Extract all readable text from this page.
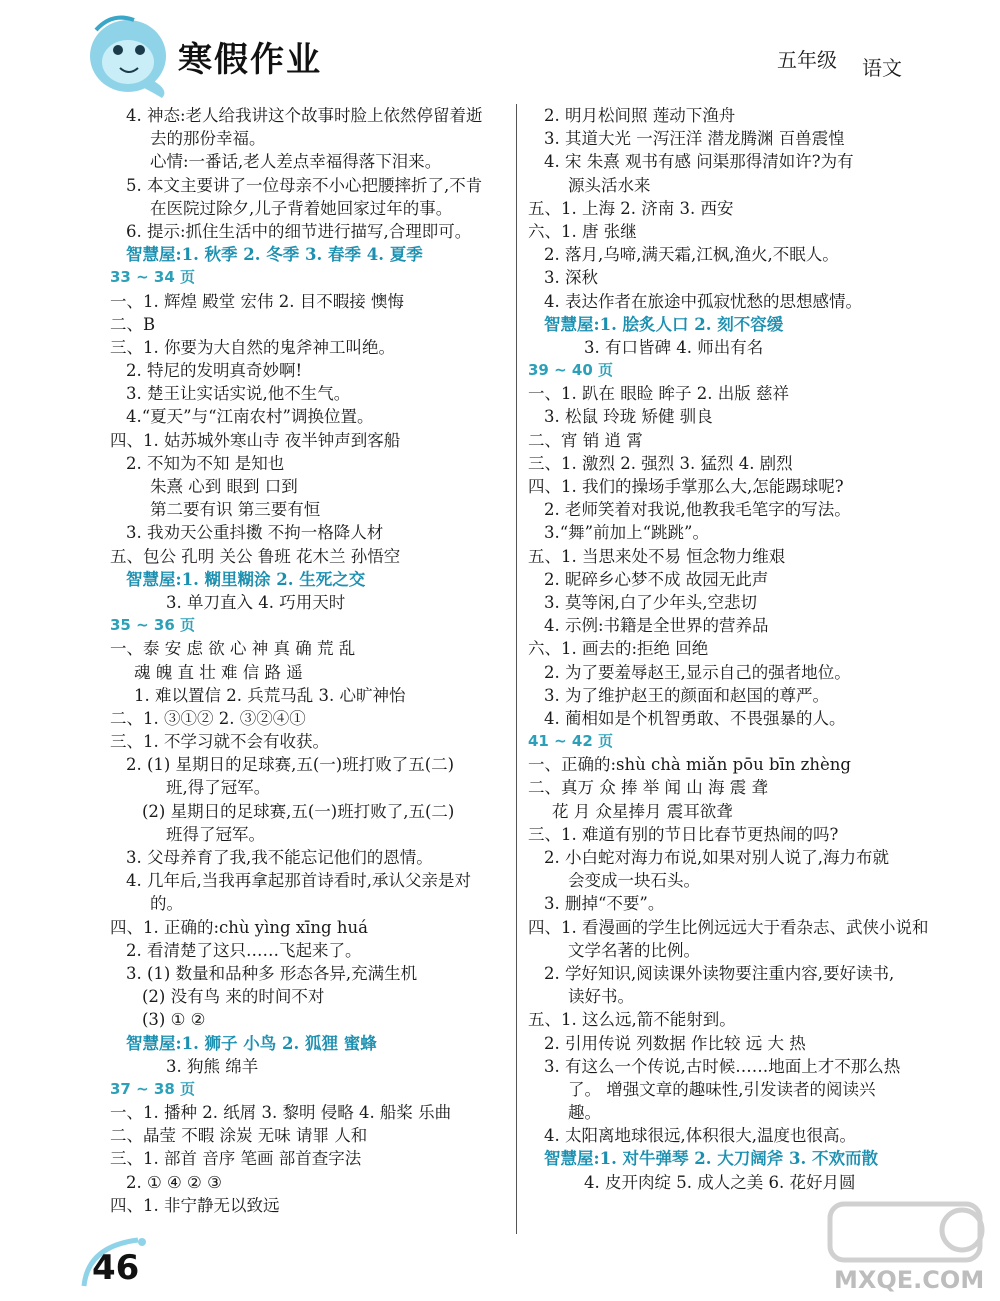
寒假作业	五年级 语文
4. 神态:老人给我讲这个故事时脸上依然停留着逝
去的那份幸福。
心情:一番话,老人差点幸福得落下泪来。
5. 本文主要讲了一位母亲不小心把腰摔折了,不肯
在医院过除夕,儿子背着她回家过年的事。
6. 提示:抓住生活中的细节进行描写,合理即可。
智慧屋:1. 秋季 2. 冬季 3. 春季 4. 夏季
33 ~ 34 页
一、1. 辉煌 殿堂 宏伟 2. 目不暇接 懊悔
二、B
三、1. 你要为大自然的鬼斧神工叫绝。
2. 特尼的发明真奇妙啊!
3. 楚王让实话实说,他不生气。
4.“夏天”与“江南农村”调换位置。
四、1. 姑苏城外寒山寺 夜半钟声到客船
2. 不知为不知 是知也
朱熹 心到 眼到 口到
第二要有识 第三要有恒
3. 我劝天公重抖擞 不拘一格降人材
五、包公 孔明 关公 鲁班 花木兰 孙悟空
智慧屋:1. 糊里糊涂 2. 生死之交
3. 单刀直入 4. 巧用天时
35 ~ 36 页
一、泰 安 虑 欲 心 神 真 确 荒 乱
魂 魄 直 壮 难 信 路 遥
1. 难以置信 2. 兵荒马乱 3. 心旷神怡
二、1. ③①② 2. ③②④①
三、1. 不学习就不会有收获。
2. (1) 星期日的足球赛,五(一)班打败了五(二)
班,得了冠军。
(2) 星期日的足球赛,五(一)班打败了,五(二)
班得了冠军。
3. 父母养育了我,我不能忘记他们的恩情。
4. 几年后,当我再拿起那首诗看时,承认父亲是对
的。
四、1. 正确的:chù yìng xīng huá
2. 看清楚了这只……飞起来了。
3. (1) 数量和品种多 形态各异,充满生机
(2) 没有鸟 来的时间不对
(3) ① ②
智慧屋:1. 狮子 小鸟 2. 狐狸 蜜蜂
3. 狗熊 绵羊
37 ~ 38 页
一、1. 播种 2. 纸屑 3. 黎明 侵略 4. 船桨 乐曲
二、晶莹 不暇 涂炭 无味 请罪 人和
三、1. 部首 音序 笔画 部首查字法
2. ① ④ ② ③
四、1. 非宁静无以致远
2. 明月松间照 莲动下渔舟
3. 其道大光 一泻汪洋 潜龙腾渊 百兽震惶
4. 宋 朱熹 观书有感 问渠那得清如许?为有
源头活水来
五、1. 上海 2. 济南 3. 西安
六、1. 唐 张继
2. 落月,乌啼,满天霜,江枫,渔火,不眠人。
3. 深秋
4. 表达作者在旅途中孤寂忧愁的思想感情。
智慧屋:1. 脍炙人口 2. 刻不容缓
3. 有口皆碑 4. 师出有名
39 ~ 40 页
一、1. 趴在 眼睑 眸子 2. 出版 慈祥
3. 松鼠 玲珑 矫健 驯良
二、宵 销 逍 霄
三、1. 激烈 2. 强烈 3. 猛烈 4. 剧烈
四、1. 我们的操场手掌那么大,怎能踢球呢?
2. 老师笑着对我说,他教我毛笔字的写法。
3.“舞”前加上“跳跳”。
五、1. 当思来处不易 恒念物力维艰
2. 昵碎乡心梦不成 故园无此声
3. 莫等闲,白了少年头,空悲切
4. 示例:书籍是全世界的营养品
六、1. 画去的:拒绝 回绝
2. 为了要羞辱赵王,显示自己的强者地位。
3. 为了维护赵王的颜面和赵国的尊严。
4. 蔺相如是个机智勇敢、不畏强暴的人。
41 ~ 42 页
一、正确的:shù chà miǎn pōu bīn zhèng
二、真万 众 捧 举 闻 山 海 震 聋
花 月 众星捧月 震耳欲聋
三、1. 难道有别的节日比春节更热闹的吗?
2. 小白蛇对海力布说,如果对别人说了,海力布就
会变成一块石头。
3. 删掉“不要”。
四、1. 看漫画的学生比例远远大于看杂志、武侠小说和
文学名著的比例。
2. 学好知识,阅读课外读物要注重内容,要好读书,
读好书。
五、1. 这么远,箭不能射到。
2. 引用传说 列数据 作比较 远 大 热
3. 有这么一个传说,古时候……地面上才不那么热
了。 增强文章的趣味性,引发读者的阅读兴
趣。
4. 太阳离地球很远,体积很大,温度也很高。
智慧屋:1. 对牛弹琴 2. 大刀阔斧 3. 不欢而散
4. 皮开肉绽 5. 成人之美 6. 花好月圆
46	MXQE.COM
